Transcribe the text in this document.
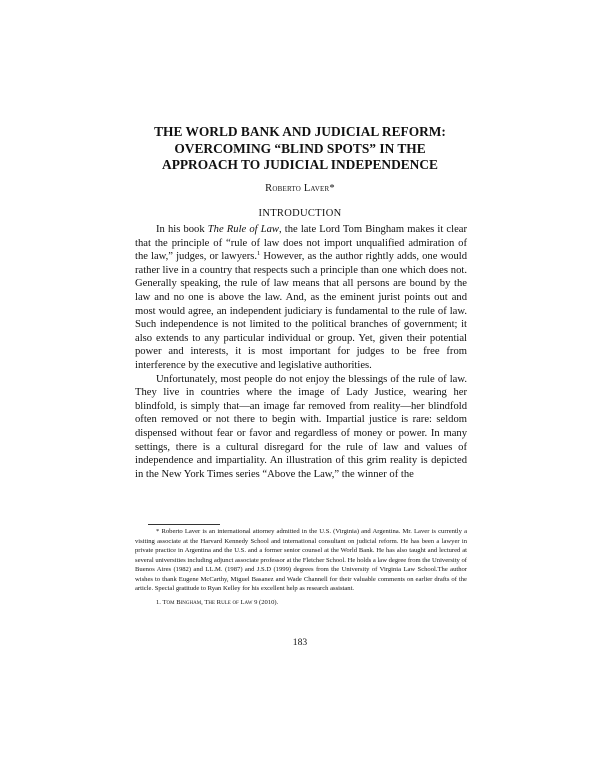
THE WORLD BANK AND JUDICIAL REFORM:
OVERCOMING “BLIND SPOTS” IN THE
APPROACH TO JUDICIAL INDEPENDENCE
Roberto Laver*
INTRODUCTION

In his book The Rule of Law, the late Lord Tom Bingham makes it clear that the principle of “rule of law does not import unqualified admiration of the law,” judges, or lawyers.$^1$ However, as the author rightly adds, one would rather live in a country that respects such a principle than one which does not. Generally speaking, the rule of law means that all persons are bound by the law and no one is above the law. And, as the eminent jurist points out and most would agree, an independent judiciary is fundamental to the rule of law. Such independence is not limited to the political branches of government; it also extends to any particular individual or group. Yet, given their potential power and interests, it is most important for judges to be free from interference by the executive and legislative authorities.

Unfortunately, most people do not enjoy the blessings of the rule of law. They live in countries where the image of Lady Justice, wearing her blindfold, is simply that—an image far removed from reality—her blindfold often removed or not there to begin with. Impartial justice is rare: seldom dispensed without fear or favor and regardless of money or power. In many settings, there is a cultural disregard for the rule of law and values of independence and impartiality. An illustration of this grim reality is depicted in the New York Times series “Above the Law,” the winner of the

* Roberto Laver is an international attorney admitted in the U.S. (Virginia) and Argentina. Mr. Laver is currently a visiting associate at the Harvard Kennedy School and international consultant on judicial reform. He has been a lawyer in private practice in Argentina and the U.S. and a former senior counsel at the World Bank. He has also taught and lectured at several universities including adjunct associate professor at the Fletcher School. He holds a law degree from the University of Buenos Aires (1982) and LL.M. (1987) and J.S.D (1999) degrees from the University of Virginia Law School.The author wishes to thank Eugene McCarthy, Miguel Basanez and Wade Channell for their valuable comments on earlier drafts of the article. Special gratitude to Ryan Kelley for his excellent help as research assistant.

1. Tom Bingham, The Rule of Law 9 (2010).

183
